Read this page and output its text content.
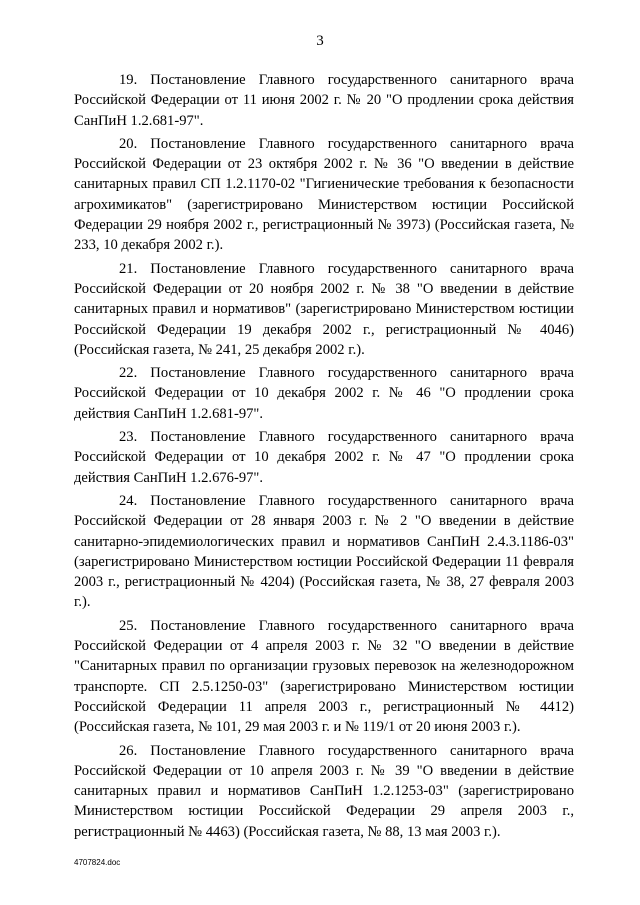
3

19. Постановление Главного государственного санитарного врача Российской Федерации от 11 июня 2002 г. № 20 "О продлении срока действия СанПиН 1.2.681-97".

20. Постановление Главного государственного санитарного врача Российской Федерации от 23 октября 2002 г. № 36 "О введении в действие санитарных правил СП 1.2.1170-02 "Гигиенические требования к безопасности агрохимикатов" (зарегистрировано Министерством юстиции Российской Федерации 29 ноября 2002 г., регистрационный № 3973) (Российская газета, № 233, 10 декабря 2002 г.).

21. Постановление Главного государственного санитарного врача Российской Федерации от 20 ноября 2002 г. № 38 "О введении в действие санитарных правил и нормативов" (зарегистрировано Министерством юстиции Российской Федерации 19 декабря 2002 г., регистрационный № 4046) (Российская газета, № 241, 25 декабря 2002 г.).

22. Постановление Главного государственного санитарного врача Российской Федерации от 10 декабря 2002 г. № 46 "О продлении срока действия СанПиН 1.2.681-97".

23. Постановление Главного государственного санитарного врача Российской Федерации от 10 декабря 2002 г. № 47 "О продлении срока действия СанПиН 1.2.676-97".

24. Постановление Главного государственного санитарного врача Российской Федерации от 28 января 2003 г. № 2 "О введении в действие санитарно-эпидемиологических правил и нормативов СанПиН 2.4.3.1186-03" (зарегистрировано Министерством юстиции Российской Федерации 11 февраля 2003 г., регистрационный № 4204) (Российская газета, № 38, 27 февраля 2003 г.).

25. Постановление Главного государственного санитарного врача Российской Федерации от 4 апреля 2003 г. № 32 "О введении в действие "Санитарных правил по организации грузовых перевозок на железнодорожном транспорте. СП 2.5.1250-03" (зарегистрировано Министерством юстиции Российской Федерации 11 апреля 2003 г., регистрационный № 4412) (Российская газета, № 101, 29 мая 2003 г. и № 119/1 от 20 июня 2003 г.).

26. Постановление Главного государственного санитарного врача Российской Федерации от 10 апреля 2003 г. № 39 "О введении в действие санитарных правил и нормативов СанПиН 1.2.1253-03" (зарегистрировано Министерством юстиции Российской Федерации 29 апреля 2003 г., регистрационный № 4463) (Российская газета, № 88, 13 мая 2003 г.).

4707824.doc
